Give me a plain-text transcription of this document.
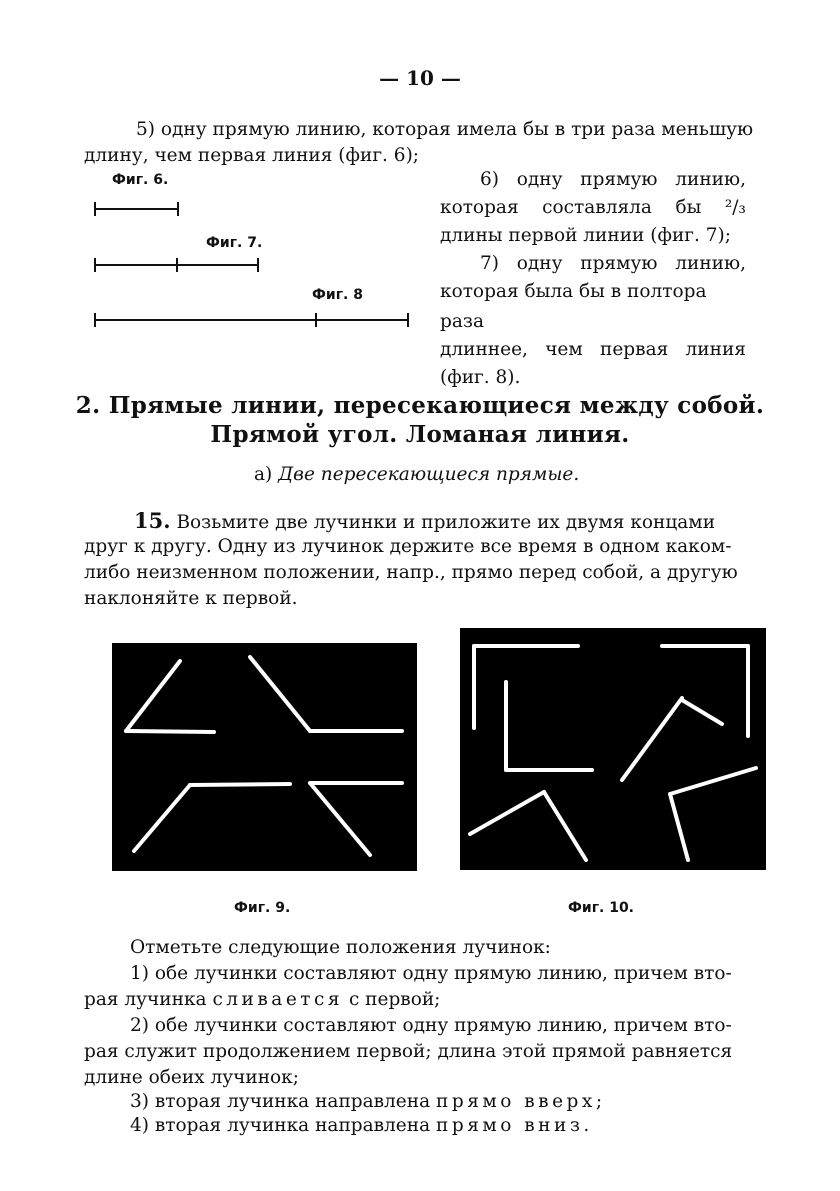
— 10 —
5) одну прямую линию, которая имела бы в три раза меньшую
длину, чем первая линия (фиг. 6);
Фиг. 6.
Фиг. 7.
Фиг. 8
6) одну прямую линию,
которая составляла бы ²/₃
длины первой линии (фиг. 7);
7) одну прямую линию,
которая была бы в полтора раза
длиннее, чем первая линия
(фиг. 8).
2. Прямые линии, пересекающиеся между собой.
Прямой угол. Ломаная линия.
а) Две пересекающиеся прямые.
15. Возьмите две лучинки и приложите их двумя концами
друг к другу. Одну из лучинок держите все время в одном каком-
либо неизменном положении, напр., прямо перед собой, а другую
наклоняйте к первой.
Фиг. 9.	Фиг. 10.
Отметьте следующие положения лучинок:
1) обе лучинки составляют одну прямую линию, причем вто-
рая лучинка сливается с первой;
2) обе лучинки составляют одну прямую линию, причем вто-
рая служит продолжением первой; длина этой прямой равняется
длине обеих лучинок;
3) вторая лучинка направлена прямо вверх;
4) вторая лучинка направлена прямо вниз.
